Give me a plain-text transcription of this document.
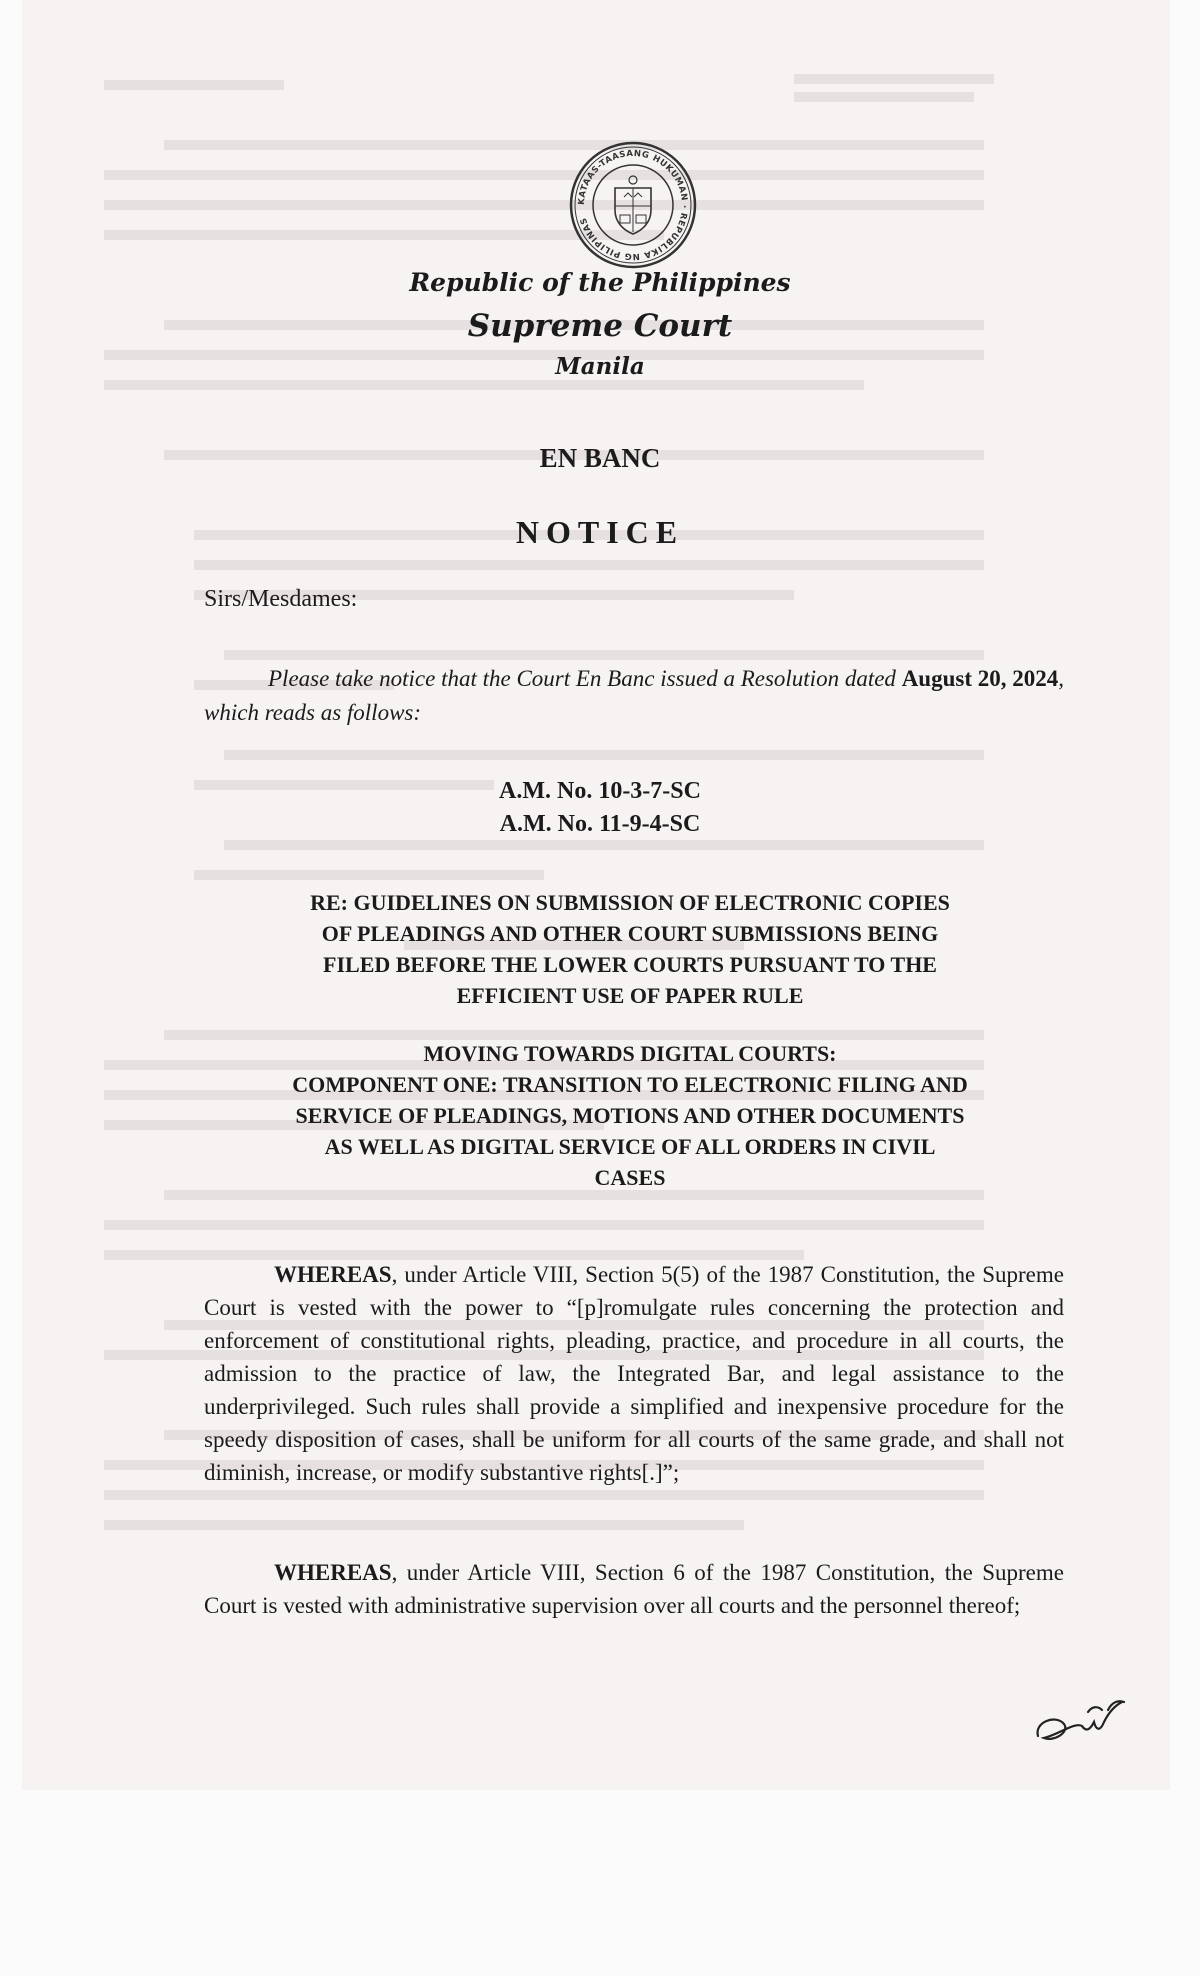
KATAAS-TAASANG HUKUMAN · REPUBLIKA NG PILIPINAS
Republic of the Philippines
Supreme Court
Manila
EN BANC
NOTICE
Sirs/Mesdames:
Please take notice that the Court En Banc issued a Resolution dated August 20, 2024, which reads as follows:
A.M. No. 10-3-7-SC
A.M. No. 11-9-4-SC
RE: GUIDELINES ON SUBMISSION OF ELECTRONIC COPIES
OF PLEADINGS AND OTHER COURT SUBMISSIONS BEING
FILED BEFORE THE LOWER COURTS PURSUANT TO THE
EFFICIENT USE OF PAPER RULE
MOVING TOWARDS DIGITAL COURTS:
COMPONENT ONE: TRANSITION TO ELECTRONIC FILING AND
SERVICE OF PLEADINGS, MOTIONS AND OTHER DOCUMENTS
AS WELL AS DIGITAL SERVICE OF ALL ORDERS IN CIVIL
CASES
WHEREAS, under Article VIII, Section 5(5) of the 1987 Constitution, the Supreme Court is vested with the power to “[p]romulgate rules concerning the protection and enforcement of constitutional rights, pleading, practice, and procedure in all courts, the admission to the practice of law, the Integrated Bar, and legal assistance to the underprivileged. Such rules shall provide a simplified and inexpensive procedure for the speedy disposition of cases, shall be uniform for all courts of the same grade, and shall not diminish, increase, or modify substantive rights[.]”;
WHEREAS, under Article VIII, Section 6 of the 1987 Constitution, the Supreme Court is vested with administrative supervision over all courts and the personnel thereof;
